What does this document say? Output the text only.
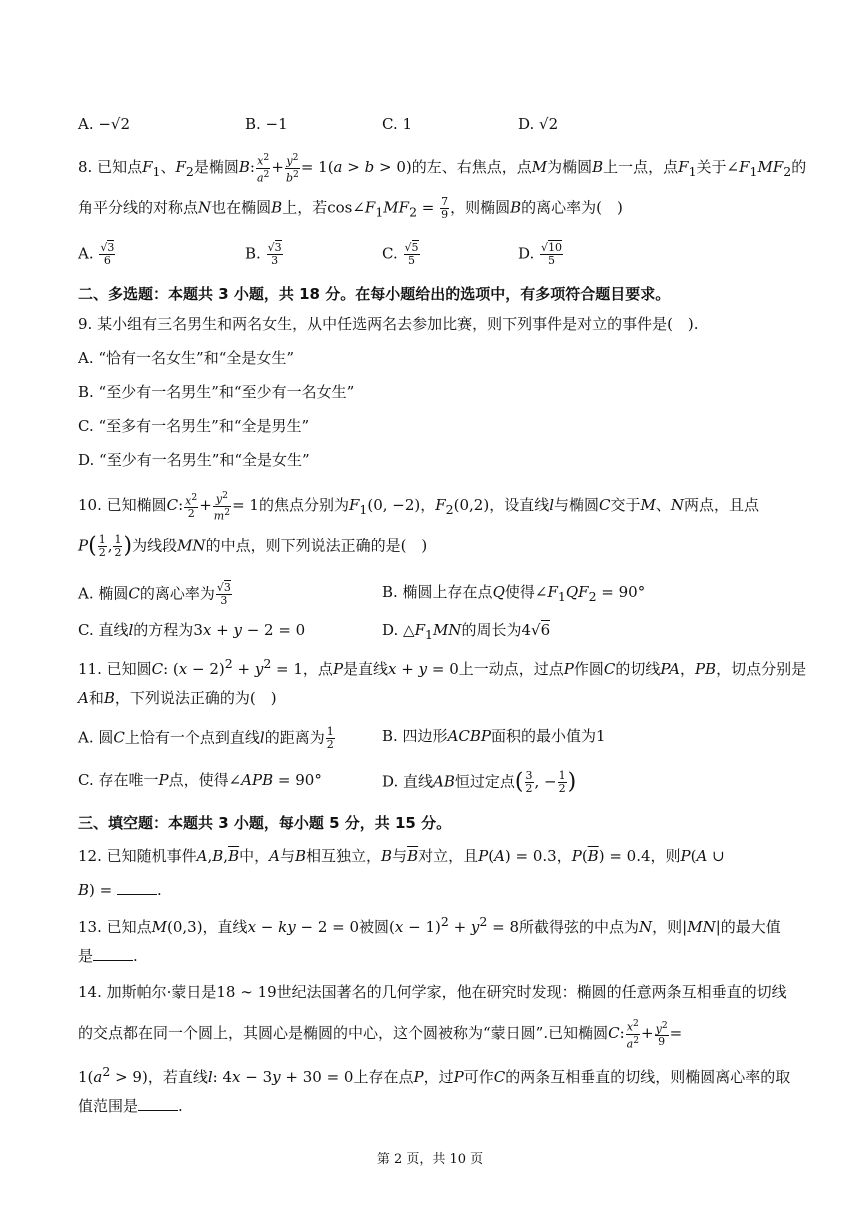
A. −√2	B. −1	C. 1	D. √2
8. 已知点$F_1$、$F_2$是椭圆B: $\frac{x^2}{a^2} + \frac{y^2}{b^2} = 1(a > b > 0)$的左、右焦点，点M为椭圆B上一点，点$F_1$关于$\angle F_1MF_2$的
角平分线的对称点N也在椭圆B上，若$\cos\angle F_1MF_2 = \frac{7}{9}$ ，则椭圆B的离心率为(　)
A. $\frac{√3}{6}$	B. $\frac{√3}{3}$	C. $\frac{√5}{5}$	D. $\frac{√10}{5}$
二、多选题：本题共 3 小题，共 18 分。在每小题给出的选项中，有多项符合题目要求。
9. 某小组有三名男生和两名女生，从中任选两名去参加比赛，则下列事件是对立的事件是(　).
A. “恰有一名女生”和“全是女生”
B. “至少有一名男生”和“至少有一名女生”
C. “至多有一名男生”和“全是男生”
D. “至少有一名男生”和“全是女生”
10. 已知椭圆C: $\frac{x^2}{2} + \frac{y^2}{m^2} = 1$的焦点分别为$F_1(0$, −2)，$F_2(0,2)$，设直线l与椭圆C交于M、N两点，且点
$P( \frac{1}{2}$ , $\frac{1}{2}$ )为线段MN的中点，则下列说法正确的是(　)
A. 椭圆C的离心率为 $\frac{√3}{3}$	B. 椭圆上存在点Q使得$\angle F_1QF_2 = 90^\circ$
C. 直线l的方程为3x + y − 2 = 0	D. $\triangle F_1MN$的周长为4√6
11. 已知圆C: $(x - 2)^2 + y^2 = 1$，点P是直线x + y = 0上一动点，过点P作圆C的切线PA，PB，切点分别是
A和B，下列说法正确的为(　)
A. 圆C上恰有一个点到直线l的距离为 $\frac{1}{2}$	B. 四边形ACBP面积的最小值为1
C. 存在唯一P点，使得∠APB = 90°	D. 直线AB恒过定点( $\frac{3}{2}$ , − $\frac{1}{2}$ )
三、填空题：本题共 3 小题，每小题 5 分，共 15 分。
12. 已知随机事件$A,B,\overline{B}$中，A与B相互独立，B与$\overline{B}$对立，且P(A) = 0.3，$P(\overline{B}) = 0.4$，则P(A ∪
B) =	.
13. 已知点M(0,3)，直线x − ky − 2 = 0被圆$(x - 1)^2 + y^2 = 8$所截得弦的中点为N，则|MN|的最大值
是	.
14. 加斯帕尔·蒙日是18 ∼ 19世纪法国著名的几何学家，他在研究时发现：椭圆的任意两条互相垂直的切线
的交点都在同一个圆上，其圆心是椭圆的中心，这个圆被称为“蒙日圆”.已知椭圆C: $\frac{x^2}{a^2} + \frac{y^2}{9}$ =
$1(a^2 > 9)$，若直线l: 4x − 3y + 30 = 0上存在点P，过P可作C的两条互相垂直的切线，则椭圆离心率的取
值范围是	.
第 2 页，共 10 页
